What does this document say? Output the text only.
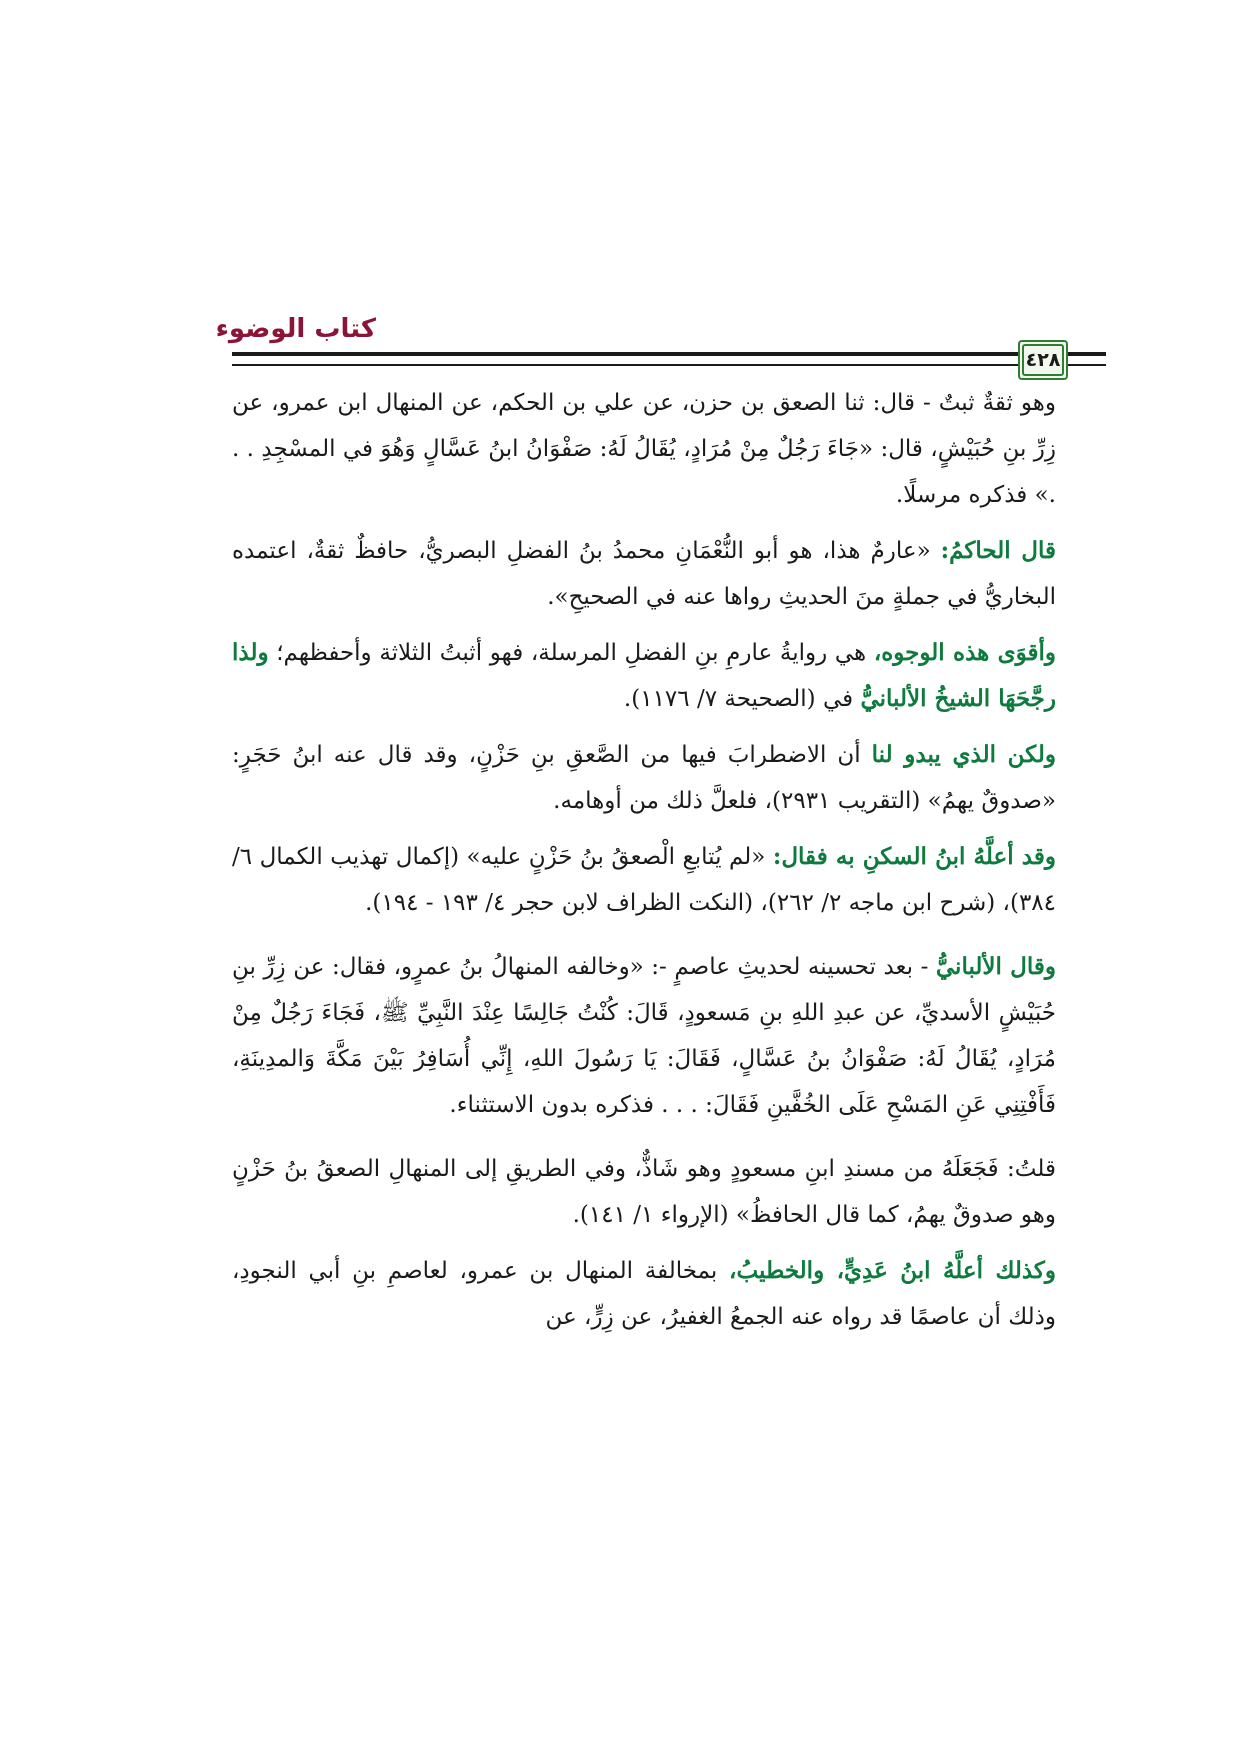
كتاب الوضوء
٤٢٨

وهو ثقةٌ ثبتٌ - قال: ثنا الصعق بن حزن، عن علي بن الحكم، عن المنهال ابن عمرو، عن زِرِّ بنِ حُبَيْشٍ، قال: «جَاءَ رَجُلٌ مِنْ مُرَادٍ، يُقَالُ لَهُ: صَفْوَانُ ابنُ عَسَّالٍ وَهُوَ في المسْجِدِ . . .» فذكره مرسلًا.

قال الحاكمُ: «عارمٌ هذا، هو أبو النُّعْمَانِ محمدُ بنُ الفضلِ البصريُّ، حافظٌ ثقةٌ، اعتمده البخاريُّ في جملةٍ منَ الحديثِ رواها عنه في الصحيحِ».

وأقوَى هذه الوجوه، هي روايةُ عارمِ بنِ الفضلِ المرسلة، فهو أثبتُ الثلاثة وأحفظهم؛ ولذا رجَّحَهَا الشيخُ الألبانيُّ في (الصحيحة ٧/ ١١٧٦).

ولكن الذي يبدو لنا أن الاضطرابَ فيها من الصَّعقِ بنِ حَزْنٍ، وقد قال عنه ابنُ حَجَرٍ: «صدوقٌ يهمُ» (التقريب ٢٩٣١)، فلعلَّ ذلك من أوهامه.

وقد أعلَّهُ ابنُ السكنِ به فقال: «لم يُتابعِ الْصعقُ بنُ حَزْنٍ عليه» (إكمال تهذيب الكمال ٦/ ٣٨٤)، (شرح ابن ماجه ٢/ ٢٦٢)، (النكت الظراف لابن حجر ٤/ ١٩٣ - ١٩٤).

وقال الألبانيُّ - بعد تحسينه لحديثِ عاصمٍ -: «وخالفه المنهالُ بنُ عمرٍو، فقال: عن زِرِّ بنِ حُبَيْشٍ الأسديِّ، عن عبدِ اللهِ بنِ مَسعودٍ، قَالَ: كُنْتُ جَالِسًا عِنْدَ النَّبِيِّ ﷺ، فَجَاءَ رَجُلٌ مِنْ مُرَادٍ، يُقَالُ لَهُ: صَفْوَانُ بنُ عَسَّالٍ، فَقَالَ: يَا رَسُولَ اللهِ، إِنِّي أُسَافِرُ بَيْنَ مَكَّةَ وَالمدِينَةِ، فَأَفْتِنِي عَنِ المَسْحِ عَلَى الخُفَّينِ فَقَالَ: . . . فذكره بدون الاستثناء.

قلتُ: فَجَعَلَهُ من مسندِ ابنِ مسعودٍ وهو شَاذٌّ، وفي الطريقِ إلى المنهالِ الصعقُ بنُ حَزْنٍ وهو صدوقٌ يهمُ، كما قال الحافظُ» (الإرواء ١/ ١٤١).

وكذلك أعلَّهُ ابنُ عَدِيٍّ، والخطيبُ، بمخالفة المنهال بن عمرو، لعاصمِ بنِ أبي النجودِ، وذلك أن عاصمًا قد رواه عنه الجمعُ الغفيرُ، عن زِرٍّ، عن
